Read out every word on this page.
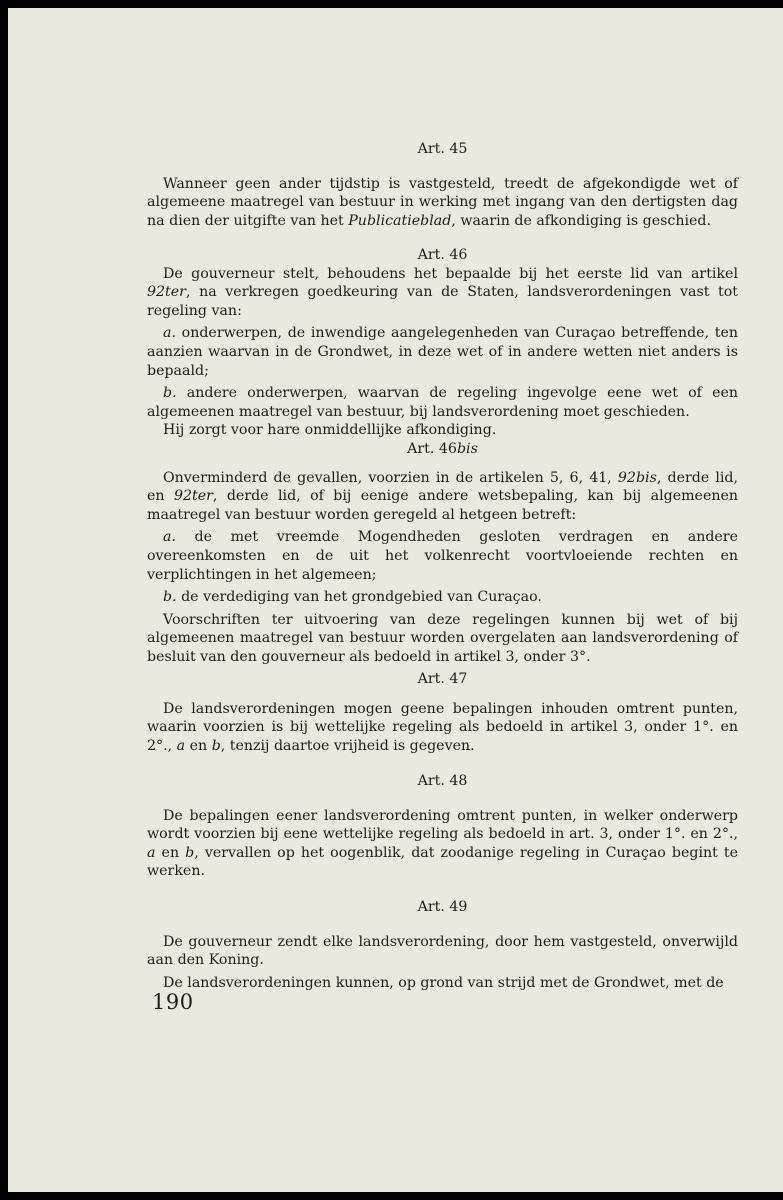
Art. 45

Wanneer geen ander tijdstip is vastgesteld, treedt de afgekondigde wet of algemeene maatregel van bestuur in werking met ingang van den dertigsten dag na dien der uitgifte van het Publicatieblad, waarin de afkondiging is geschied.

Art. 46

De gouverneur stelt, behoudens het bepaalde bij het eerste lid van artikel 92ter, na verkregen goedkeuring van de Staten, landsverordeningen vast tot regeling van:

a. onderwerpen, de inwendige aangelegenheden van Curaçao betreffende, ten aanzien waarvan in de Grondwet, in deze wet of in andere wetten niet anders is bepaald;

b. andere onderwerpen, waarvan de regeling ingevolge eene wet of een algemeenen maatregel van bestuur, bij landsverordening moet geschieden.

Hij zorgt voor hare onmiddellijke afkondiging.

Art. 46bis

Onverminderd de gevallen, voorzien in de artikelen 5, 6, 41, 92bis, derde lid, en 92ter, derde lid, of bij eenige andere wetsbepaling, kan bij algemeenen maatregel van bestuur worden geregeld al hetgeen betreft:

a. de met vreemde Mogendheden gesloten verdragen en andere overeenkomsten en de uit het volkenrecht voortvloeiende rechten en verplichtingen in het algemeen;

b. de verdediging van het grondgebied van Curaçao.

Voorschriften ter uitvoering van deze regelingen kunnen bij wet of bij algemeenen maatregel van bestuur worden overgelaten aan landsverordening of besluit van den gouverneur als bedoeld in artikel 3, onder 3°.

Art. 47

De landsverordeningen mogen geene bepalingen inhouden omtrent punten, waarin voorzien is bij wettelijke regeling als bedoeld in artikel 3, onder 1°. en 2°., a en b, tenzij daartoe vrijheid is gegeven.

Art. 48

De bepalingen eener landsverordening omtrent punten, in welker onderwerp wordt voorzien bij eene wettelijke regeling als bedoeld in art. 3, onder 1°. en 2°., a en b, vervallen op het oogenblik, dat zoodanige regeling in Curaçao begint te werken.

Art. 49

De gouverneur zendt elke landsverordening, door hem vastgesteld, onverwijld aan den Koning.

De landsverordeningen kunnen, op grond van strijd met de Grondwet, met de

190
